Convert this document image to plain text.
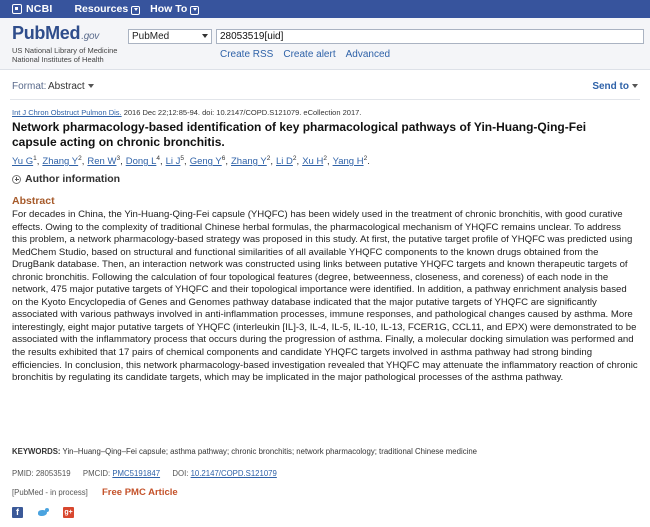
NCBI Resources How To
PubMed.gov
US National Library of Medicine
National Institutes of Health
PubMed	28053519[uid]
Create RSS Create alert Advanced
Format: Abstract	Send to
Int J Chron Obstruct Pulmon Dis. 2016 Dec 22;12:85-94. doi: 10.2147/COPD.S121079. eCollection 2017.
Network pharmacology-based identification of key pharmacological pathways of Yin-Huang-Qing-Fei capsule acting on chronic bronchitis.
Yu $G^1$, Zhang $Y^2$, Ren $W^3$, Dong $L^4$, Li $J^5$, Geng $Y^6$, Zhang $Y^2$, Li $D^2$, Xu $H^2$, Yang $H^2$.
Author information
Abstract
For decades in China, the Yin-Huang-Qing-Fei capsule (YHQFC) has been widely used in the treatment of chronic bronchitis, with good curative effects. Owing to the complexity of traditional Chinese herbal formulas, the pharmacological mechanism of YHQFC remains unclear. To address this problem, a network pharmacology-based strategy was proposed in this study. At first, the putative target profile of YHQFC was predicted using MedChem Studio, based on structural and functional similarities of all available YHQFC components to the known drugs obtained from the DrugBank database. Then, an interaction network was constructed using links between putative YHQFC targets and known therapeutic targets of chronic bronchitis. Following the calculation of four topological features (degree, betweenness, closeness, and coreness) of each node in the network, 475 major putative targets of YHQFC and their topological importance were identified. In addition, a pathway enrichment analysis based on the Kyoto Encyclopedia of Genes and Genomes pathway database indicated that the major putative targets of YHQFC are significantly associated with various pathways involved in anti-inflammation processes, immune responses, and pathological changes caused by asthma. More interestingly, eight major putative targets of YHQFC (interleukin [IL]-3, IL-4, IL-5, IL-10, IL-13, FCER1G, CCL11, and EPX) were demonstrated to be associated with the inflammatory process that occurs during the progression of asthma. Finally, a molecular docking simulation was performed and the results exhibited that 17 pairs of chemical components and candidate YHQFC targets involved in asthma pathway had strong binding efficiencies. In conclusion, this network pharmacology-based investigation revealed that YHQFC may attenuate the inflammatory reaction of chronic bronchitis by regulating its candidate targets, which may be implicated in the major pathological processes of the asthma pathway.
KEYWORDS: Yin–Huang–Qing–Fei capsule; asthma pathway; chronic bronchitis; network pharmacology; traditional Chinese medicine
PMID: 28053519 PMCID: PMC5191847 DOI: 10.2147/COPD.S121079
[PubMed - in process] Free PMC Article
f	g+
